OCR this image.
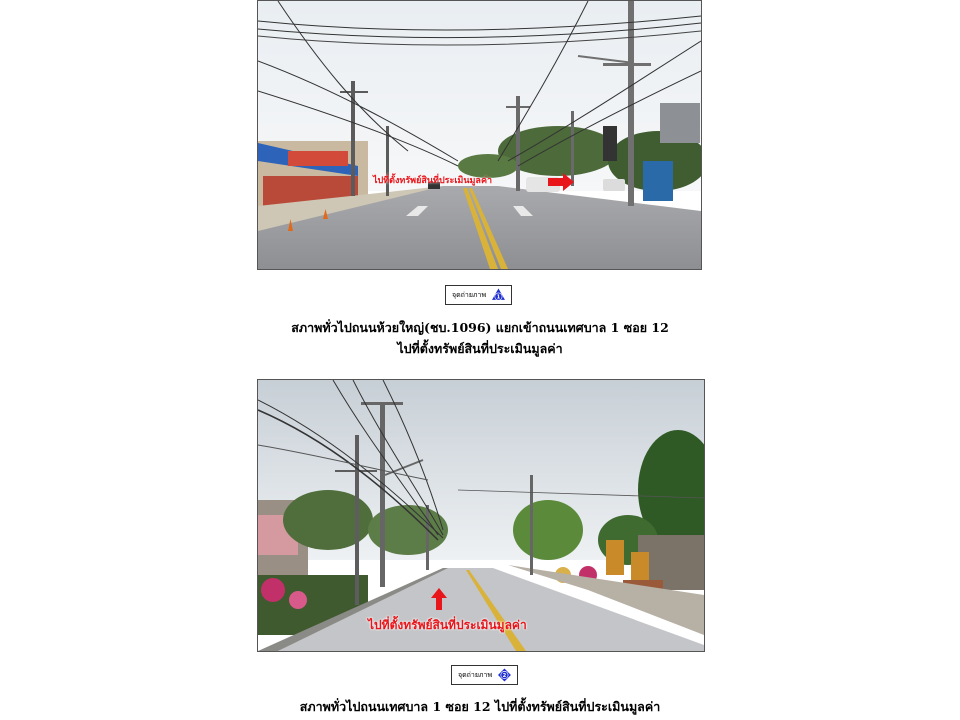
ไปที่ตั้งทรัพย์สินที่ประเมินมูลค่า
จุดถ่ายภาพ 1
สภาพทั่วไปถนนห้วยใหญ่(ชบ.1096) แยกเข้าถนนเทศบาล 1 ซอย 12
ไปที่ตั้งทรัพย์สินที่ประเมินมูลค่า
ไปที่ตั้งทรัพย์สินที่ประเมินมูลค่า
จุดถ่ายภาพ 2
สภาพทั่วไปถนนเทศบาล 1 ซอย 12 ไปที่ตั้งทรัพย์สินที่ประเมินมูลค่า
